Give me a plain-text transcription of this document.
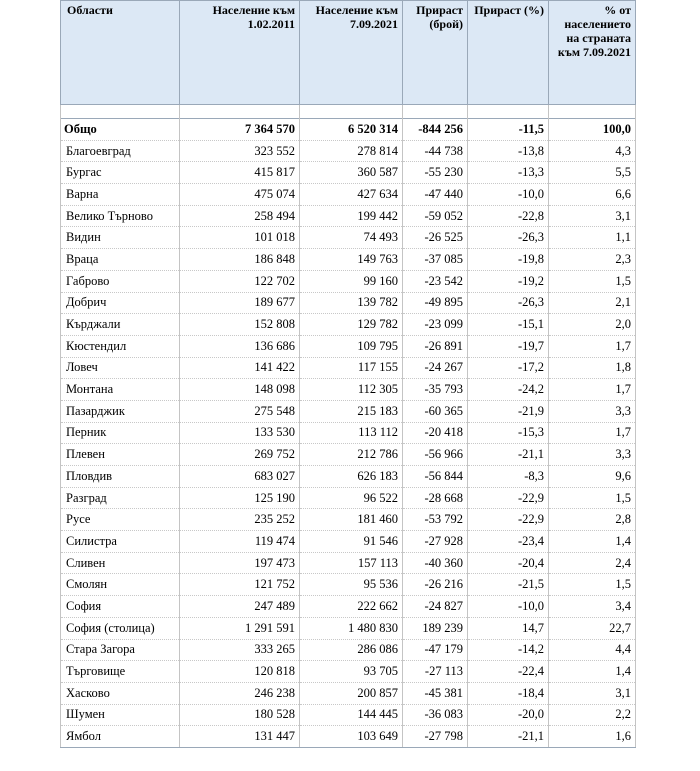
Области	Население към 1.02.2011	Население към 7.09.2021	Прираст (брой)	Прираст (%)	% от населението на страната към 7.09.2021

Общо	7 364 570	6 520 314	-844 256	-11,5	100,0
Благоевград	323 552	278 814	-44 738	-13,8	4,3
Бургас	415 817	360 587	-55 230	-13,3	5,5
Варна	475 074	427 634	-47 440	-10,0	6,6
Велико Търново	258 494	199 442	-59 052	-22,8	3,1
Видин	101 018	74 493	-26 525	-26,3	1,1
Враца	186 848	149 763	-37 085	-19,8	2,3
Габрово	122 702	99 160	-23 542	-19,2	1,5
Добрич	189 677	139 782	-49 895	-26,3	2,1
Кърджали	152 808	129 782	-23 099	-15,1	2,0
Кюстендил	136 686	109 795	-26 891	-19,7	1,7
Ловеч	141 422	117 155	-24 267	-17,2	1,8
Монтана	148 098	112 305	-35 793	-24,2	1,7
Пазарджик	275 548	215 183	-60 365	-21,9	3,3
Перник	133 530	113 112	-20 418	-15,3	1,7
Плевен	269 752	212 786	-56 966	-21,1	3,3
Пловдив	683 027	626 183	-56 844	-8,3	9,6
Разград	125 190	96 522	-28 668	-22,9	1,5
Русе	235 252	181 460	-53 792	-22,9	2,8
Силистра	119 474	91 546	-27 928	-23,4	1,4
Сливен	197 473	157 113	-40 360	-20,4	2,4
Смолян	121 752	95 536	-26 216	-21,5	1,5
София	247 489	222 662	-24 827	-10,0	3,4
София (столица)	1 291 591	1 480 830	189 239	14,7	22,7
Стара Загора	333 265	286 086	-47 179	-14,2	4,4
Търговище	120 818	93 705	-27 113	-22,4	1,4
Хасково	246 238	200 857	-45 381	-18,4	3,1
Шумен	180 528	144 445	-36 083	-20,0	2,2
Ямбол	131 447	103 649	-27 798	-21,1	1,6
